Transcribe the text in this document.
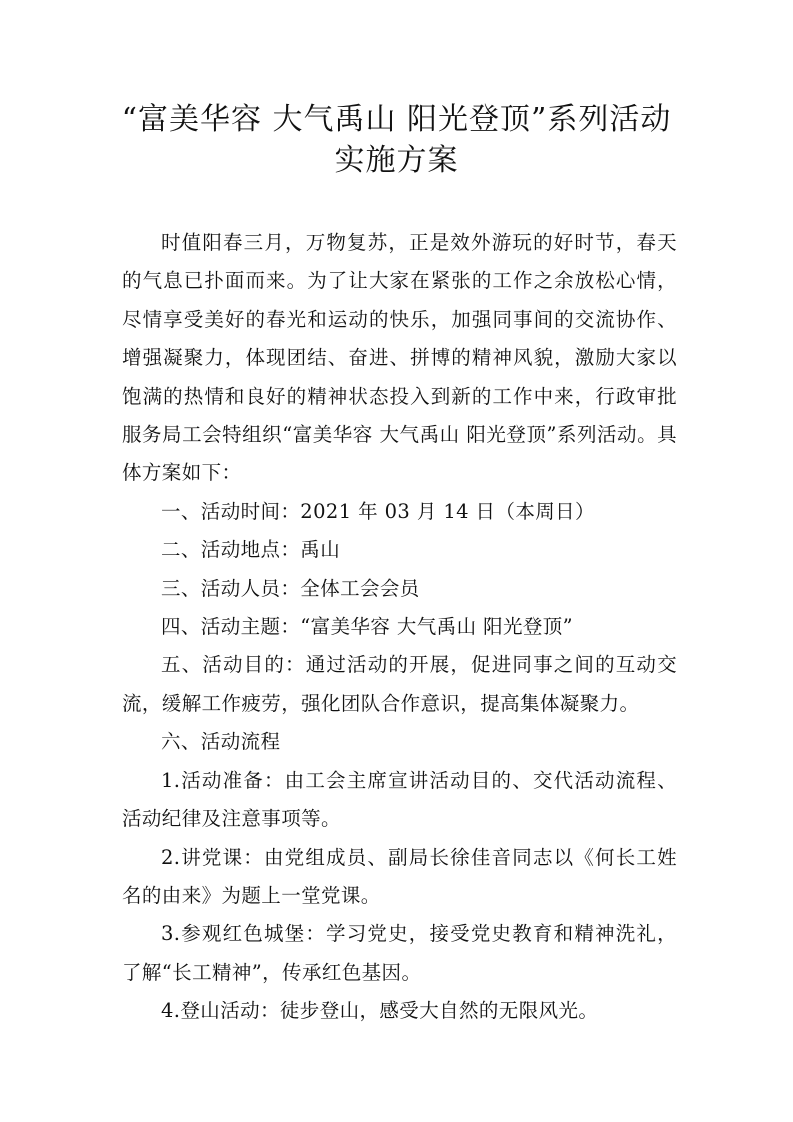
“富美华容 大气禹山 阳光登顶”系列活动
实施方案

时值阳春三月，万物复苏，正是效外游玩的好时节，春天的气息已扑面而来。为了让大家在紧张的工作之余放松心情，尽情享受美好的春光和运动的快乐，加强同事间的交流协作、增强凝聚力，体现团结、奋进、拼博的精神风貌，激励大家以饱满的热情和良好的精神状态投入到新的工作中来，行政审批服务局工会特组织“富美华容 大气禹山 阳光登顶”系列活动。具体方案如下：

一、活动时间：2021 年 03 月 14 日（本周日）

二、活动地点：禹山

三、活动人员：全体工会会员

四、活动主题：“富美华容 大气禹山 阳光登顶”

五、活动目的：通过活动的开展，促进同事之间的互动交流，缓解工作疲劳，强化团队合作意识，提高集体凝聚力。

六、活动流程

1.活动准备：由工会主席宣讲活动目的、交代活动流程、活动纪律及注意事项等。

2.讲党课：由党组成员、副局长徐佳音同志以《何长工姓名的由来》为题上一堂党课。

3.参观红色城堡：学习党史，接受党史教育和精神洗礼，了解“长工精神”，传承红色基因。

4.登山活动：徒步登山，感受大自然的无限风光。
